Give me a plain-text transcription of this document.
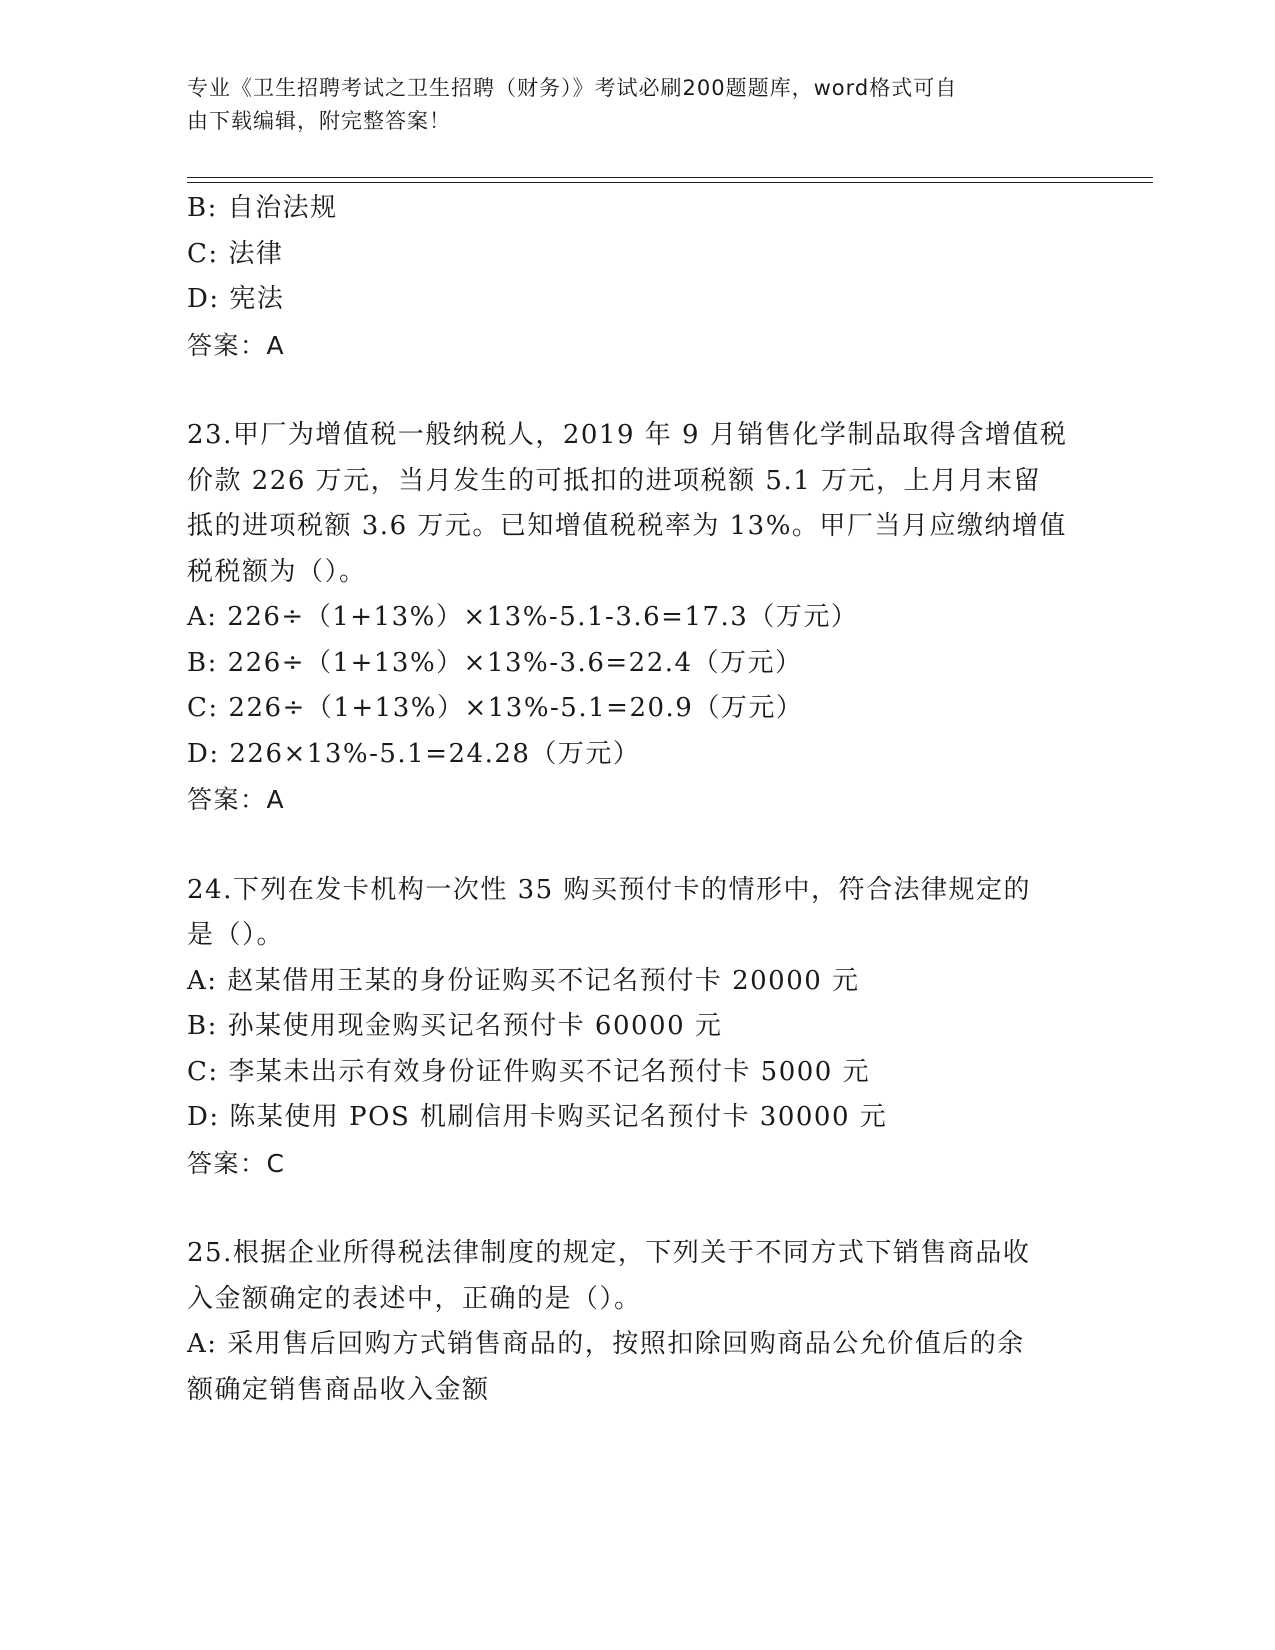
专业《卫生招聘考试之卫生招聘（财务）》考试必刷200题题库，word格式可自
由下载编辑，附完整答案！
B: 自治法规
C: 法律
D: 宪法
答案：A
23.甲厂为增值税一般纳税人，2019 年 9 月销售化学制品取得含增值税
价款 226 万元，当月发生的可抵扣的进项税额 5.1 万元，上月月末留
抵的进项税额 3.6 万元。已知增值税税率为 13%。甲厂当月应缴纳增值
税税额为（）。
A: 226÷（1+13%）×13%-5.1-3.6=17.3（万元）
B: 226÷（1+13%）×13%-3.6=22.4（万元）
C: 226÷（1+13%）×13%-5.1=20.9（万元）
D: 226×13%-5.1=24.28（万元）
答案：A
24.下列在发卡机构一次性 35 购买预付卡的情形中，符合法律规定的
是（）。
A: 赵某借用王某的身份证购买不记名预付卡 20000 元
B: 孙某使用现金购买记名预付卡 60000 元
C: 李某未出示有效身份证件购买不记名预付卡 5000 元
D: 陈某使用 POS 机刷信用卡购买记名预付卡 30000 元
答案：C
25.根据企业所得税法律制度的规定，下列关于不同方式下销售商品收
入金额确定的表述中，正确的是（）。
A: 采用售后回购方式销售商品的，按照扣除回购商品公允价值后的余
额确定销售商品收入金额
